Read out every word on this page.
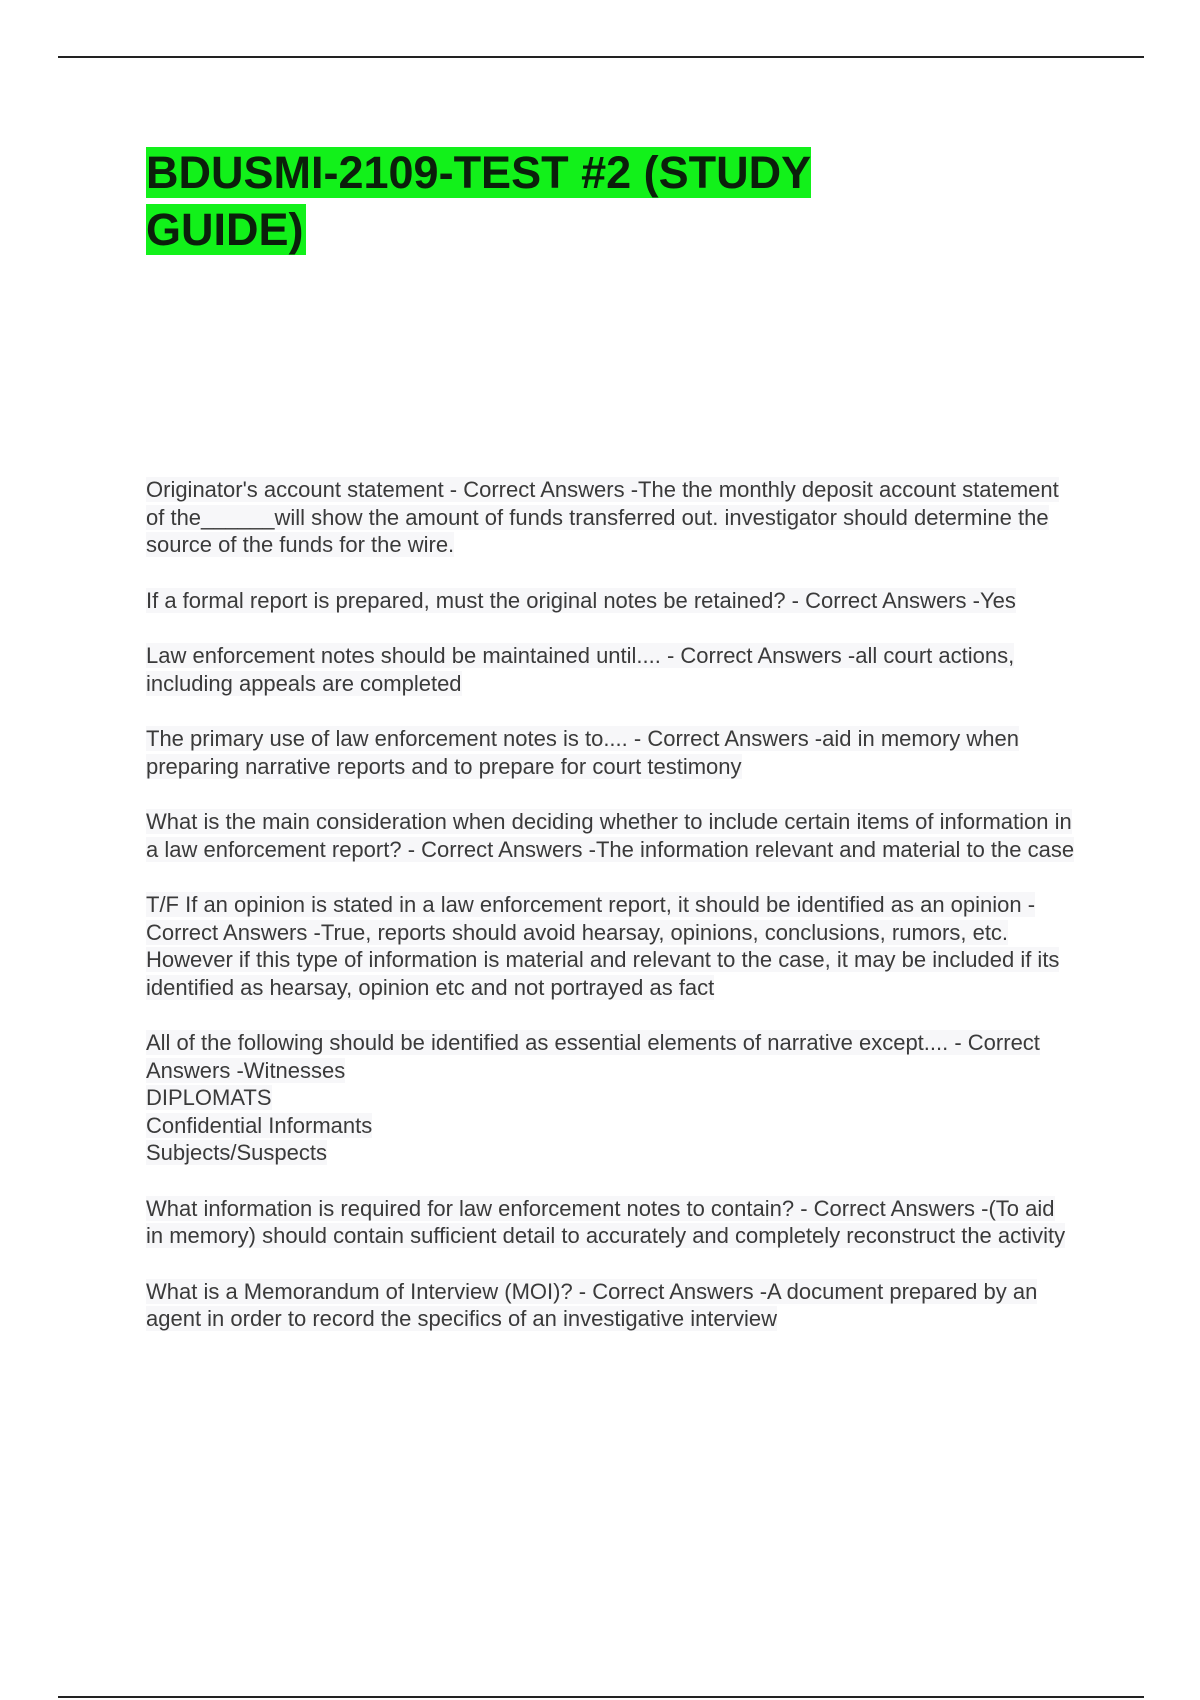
BDUSMI-2109-TEST #2 (STUDY GUIDE)

Originator's account statement - Correct Answers -The the monthly deposit account statement of the______will show the amount of funds transferred out. investigator should determine the source of the funds for the wire.

If a formal report is prepared, must the original notes be retained? - Correct Answers -Yes

Law enforcement notes should be maintained until.... - Correct Answers -all court actions, including appeals are completed

The primary use of law enforcement notes is to.... - Correct Answers -aid in memory when preparing narrative reports and to prepare for court testimony

What is the main consideration when deciding whether to include certain items of information in a law enforcement report? - Correct Answers -The information relevant and material to the case

T/F If an opinion is stated in a law enforcement report, it should be identified as an opinion - Correct Answers -True, reports should avoid hearsay, opinions, conclusions, rumors, etc. However if this type of information is material and relevant to the case, it may be included if its identified as hearsay, opinion etc and not portrayed as fact

All of the following should be identified as essential elements of narrative except.... - Correct Answers -Witnesses
DIPLOMATS
Confidential Informants
Subjects/Suspects

What information is required for law enforcement notes to contain? - Correct Answers -(To aid in memory) should contain sufficient detail to accurately and completely reconstruct the activity

What is a Memorandum of Interview (MOI)? - Correct Answers -A document prepared by an agent in order to record the specifics of an investigative interview
